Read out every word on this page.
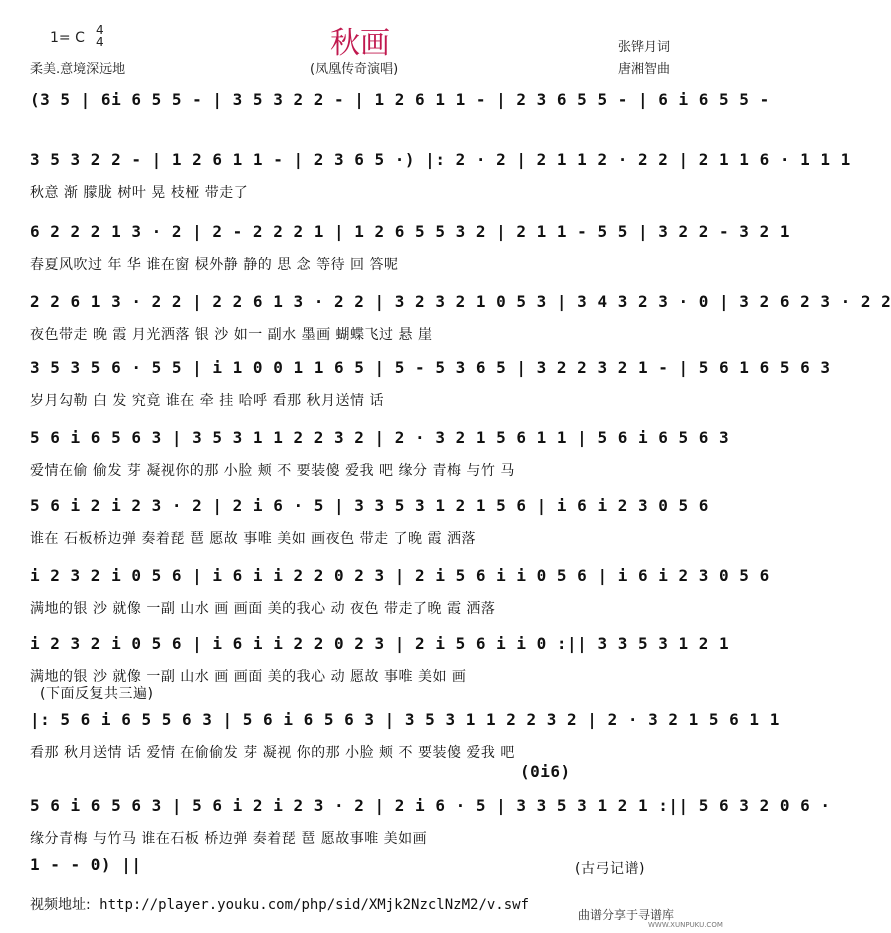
秋画
1= C 4
4
柔美.意境深远地	(凤凰传奇演唱)
张铧月词
唐湘智曲
(3 5 | 6i 6 5 5 - | 3 5 3 2 2 - | 1 2 6 1 1 - | 2 3 6 5 5 - | 6 i 6 5 5 -
3 5 3 2 2 - | 1 2 6 1 1 - | 2 3 6 5 ·) |: 2 · 2 | 2 1 1 2 · 2 2 | 2 1 1 6 · 1 1 1
秋意 渐 朦胧 树叶 晃 枝桠 带走了
6 2 2 2 1 3 · 2 | 2 - 2 2 2 1 | 1 2 6 5 5 3 2 | 2 1 1 - 5 5 | 3 2 2 - 3 2 1
春夏风吹过 年 华 谁在窗 棂外静 静的 思 念 等待 回 答呢
2 2 6 1 3 · 2 2 | 2 2 6 1 3 · 2 2 | 3 2 3 2 1 0 5 3 | 3 4 3 2 3 · 0 | 3 2 6 2 3 · 2 2
夜色带走 晚 霞 月光洒落 银 沙 如一 副水 墨画 蝴蝶飞过 悬 崖
3 5 3 5 6 · 5 5 | i 1 0 0 1 1 6 5 | 5 - 5 3 6 5 | 3 2 2 3 2 1 - | 5 6 1 6 5 6 3
岁月勾勒 白 发 究竟 谁在 牵 挂 哈呼 看那 秋月送情 话
5 6 i 6 5 6 3 | 3 5 3 1 1 2 2 3 2 | 2 · 3 2 1 5 6 1 1 | 5 6 i 6 5 6 3
爱情在偷 偷发 芽 凝视你的那 小脸 颊 不 要装傻 爱我 吧 缘分 青梅 与竹 马
5 6 i 2 i 2 3 · 2 | 2 i 6 · 5 | 3 3 5 3 1 2 1 5 6 | i 6 i 2 3 0 5 6
谁在 石板桥边弹 奏着琵 琶 愿故 事唯 美如 画夜色 带走 了晚 霞 洒落
i 2 3 2 i 0 5 6 | i 6 i i 2 2 0 2 3 | 2 i 5 6 i i 0 5 6 | i 6 i 2 3 0 5 6
满地的银 沙 就像 一副 山水 画 画面 美的我心 动 夜色 带走了晚 霞 洒落
i 2 3 2 i 0 5 6 | i 6 i i 2 2 0 2 3 | 2 i 5 6 i i 0 :|| 3 3 5 3 1 2 1
满地的银 沙 就像 一副 山水 画 画面 美的我心 动 愿故 事唯 美如 画
|: 5 6 i 6 5 5 6 3 | 5 6 i 6 5 6 3 | 3 5 3 1 1 2 2 3 2 | 2 · 3 2 1 5 6 1 1
看那 秋月送情 话 爱情 在偷偷发 芽 凝视 你的那 小脸 颊 不 要装傻 爱我 吧
5 6 i 6 5 6 3 | 5 6 i 2 i 2 3 · 2 | 2 i 6 · 5 | 3 3 5 3 1 2 1 :|| 5 6 3 2 0 6 ·
缘分青梅 与竹马 谁在石板 桥边弹 奏着琵 琶 愿故事唯 美如画
(下面反复共三遍)
(0i6)
1 - - 0) ||	(古弓记谱)
视频地址: http://player.youku.com/php/sid/XMjk2NzclNzM2/v.swf
曲谱分享于寻谱库
WWW.XUNPUKU.COM
